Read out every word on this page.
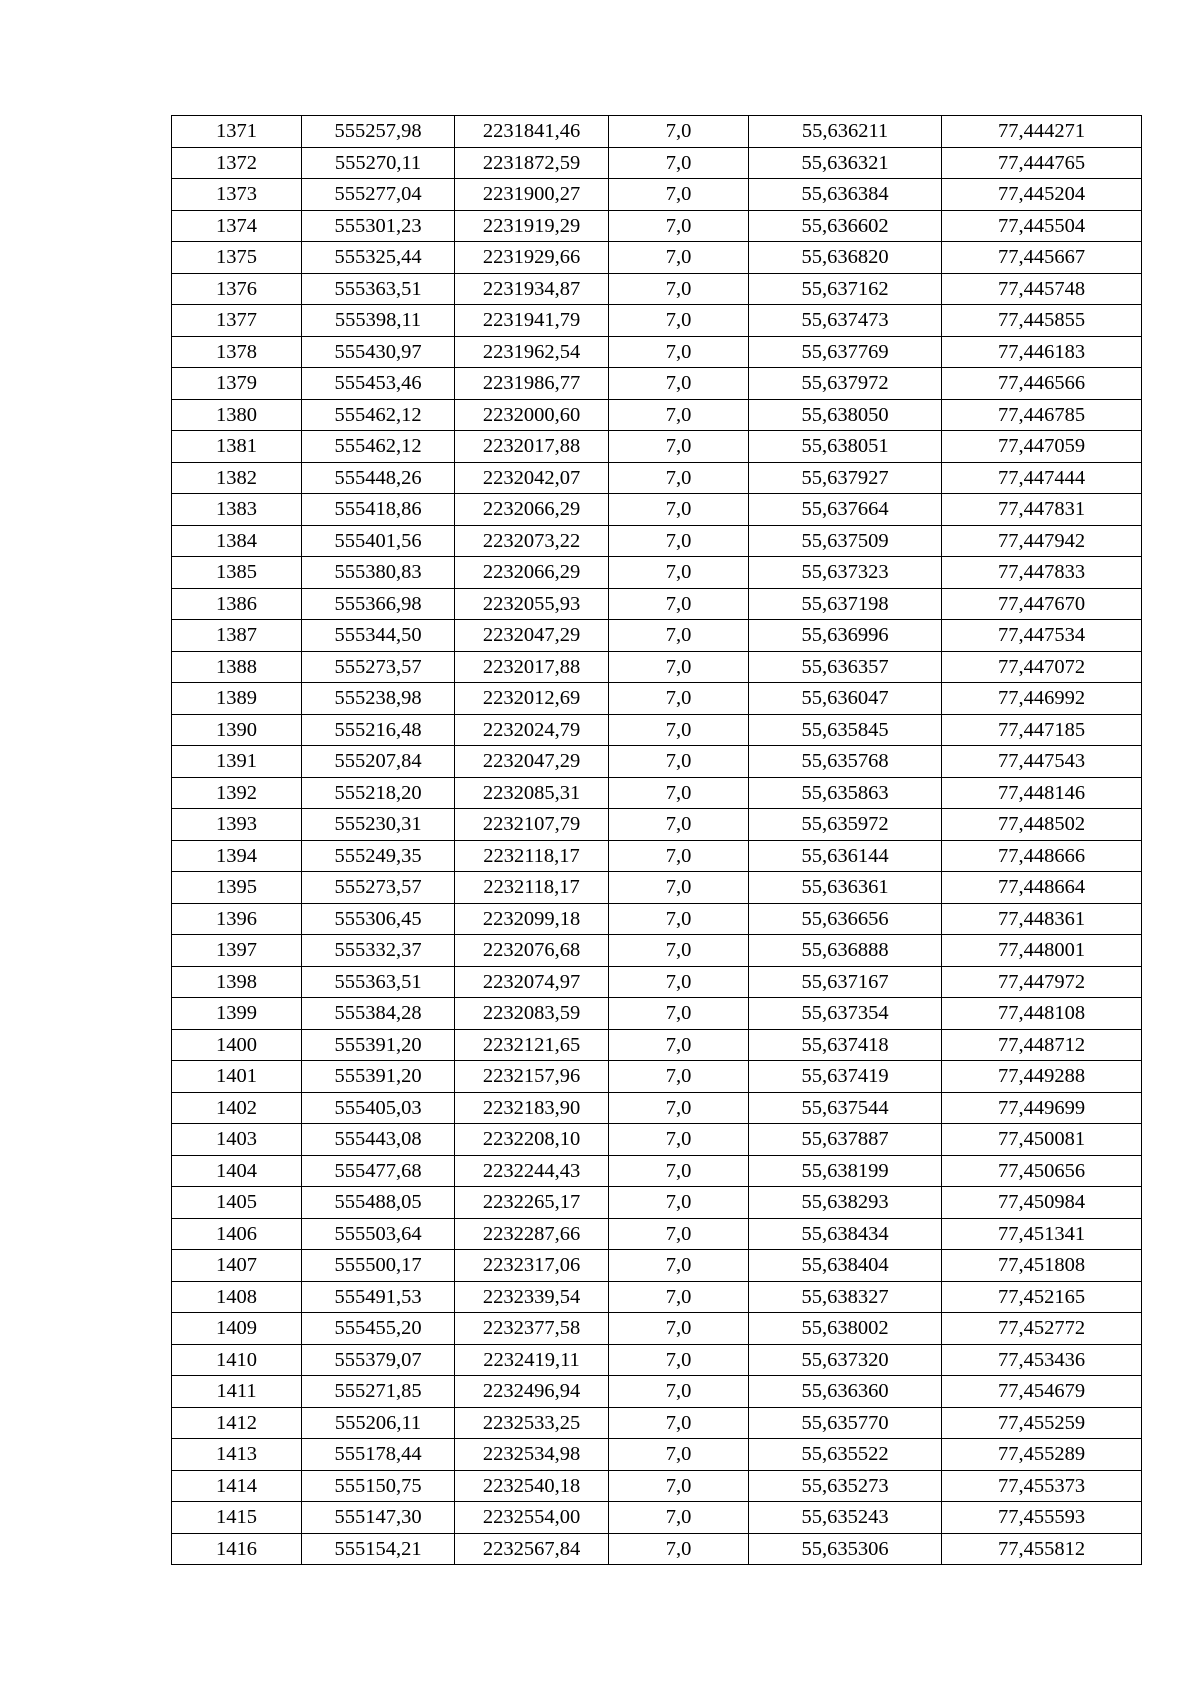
1371	555257,98	2231841,46	7,0	55,636211	77,444271
1372	555270,11	2231872,59	7,0	55,636321	77,444765
1373	555277,04	2231900,27	7,0	55,636384	77,445204
1374	555301,23	2231919,29	7,0	55,636602	77,445504
1375	555325,44	2231929,66	7,0	55,636820	77,445667
1376	555363,51	2231934,87	7,0	55,637162	77,445748
1377	555398,11	2231941,79	7,0	55,637473	77,445855
1378	555430,97	2231962,54	7,0	55,637769	77,446183
1379	555453,46	2231986,77	7,0	55,637972	77,446566
1380	555462,12	2232000,60	7,0	55,638050	77,446785
1381	555462,12	2232017,88	7,0	55,638051	77,447059
1382	555448,26	2232042,07	7,0	55,637927	77,447444
1383	555418,86	2232066,29	7,0	55,637664	77,447831
1384	555401,56	2232073,22	7,0	55,637509	77,447942
1385	555380,83	2232066,29	7,0	55,637323	77,447833
1386	555366,98	2232055,93	7,0	55,637198	77,447670
1387	555344,50	2232047,29	7,0	55,636996	77,447534
1388	555273,57	2232017,88	7,0	55,636357	77,447072
1389	555238,98	2232012,69	7,0	55,636047	77,446992
1390	555216,48	2232024,79	7,0	55,635845	77,447185
1391	555207,84	2232047,29	7,0	55,635768	77,447543
1392	555218,20	2232085,31	7,0	55,635863	77,448146
1393	555230,31	2232107,79	7,0	55,635972	77,448502
1394	555249,35	2232118,17	7,0	55,636144	77,448666
1395	555273,57	2232118,17	7,0	55,636361	77,448664
1396	555306,45	2232099,18	7,0	55,636656	77,448361
1397	555332,37	2232076,68	7,0	55,636888	77,448001
1398	555363,51	2232074,97	7,0	55,637167	77,447972
1399	555384,28	2232083,59	7,0	55,637354	77,448108
1400	555391,20	2232121,65	7,0	55,637418	77,448712
1401	555391,20	2232157,96	7,0	55,637419	77,449288
1402	555405,03	2232183,90	7,0	55,637544	77,449699
1403	555443,08	2232208,10	7,0	55,637887	77,450081
1404	555477,68	2232244,43	7,0	55,638199	77,450656
1405	555488,05	2232265,17	7,0	55,638293	77,450984
1406	555503,64	2232287,66	7,0	55,638434	77,451341
1407	555500,17	2232317,06	7,0	55,638404	77,451808
1408	555491,53	2232339,54	7,0	55,638327	77,452165
1409	555455,20	2232377,58	7,0	55,638002	77,452772
1410	555379,07	2232419,11	7,0	55,637320	77,453436
1411	555271,85	2232496,94	7,0	55,636360	77,454679
1412	555206,11	2232533,25	7,0	55,635770	77,455259
1413	555178,44	2232534,98	7,0	55,635522	77,455289
1414	555150,75	2232540,18	7,0	55,635273	77,455373
1415	555147,30	2232554,00	7,0	55,635243	77,455593
1416	555154,21	2232567,84	7,0	55,635306	77,455812
